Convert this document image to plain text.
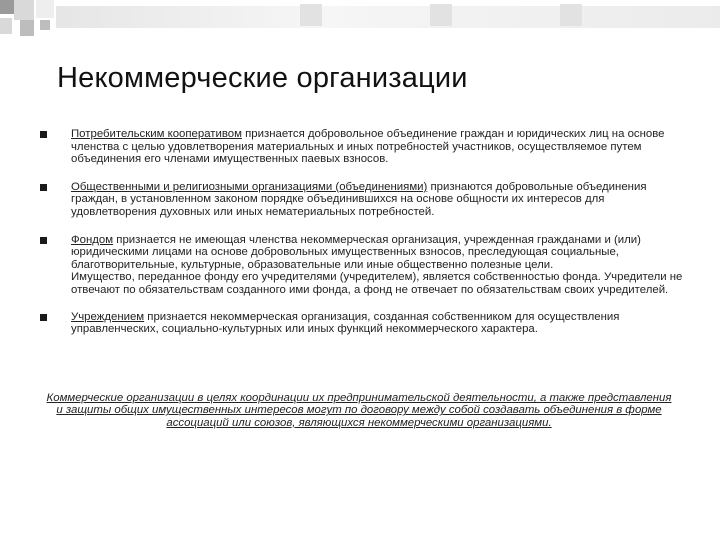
Некоммерческие организации
Потребительским кооперативом признается добровольное объединение граждан и юридических лиц на основе членства с целью удовлетворения материальных и иных потребностей участников, осуществляемое путем объединения его членами имущественных паевых взносов.
Общественными и религиозными организациями (объединениями) признаются добровольные объединения граждан, в установленном законом порядке объединившихся на основе общности их интересов для удовлетворения духовных или иных нематериальных потребностей.
Фондом признается не имеющая членства некоммерческая организация, учрежденная гражданами и (или) юридическими лицами на основе добровольных имущественных взносов, преследующая социальные, благотворительные, культурные, образовательные или иные общественно полезные цели.
Имущество, переданное фонду его учредителями (учредителем), является собственностью фонда. Учредители не отвечают по обязательствам созданного ими фонда, а фонд не отвечает по обязательствам своих учредителей.
Учреждением признается некоммерческая организация, созданная собственником для осуществления управленческих, социально-культурных или иных функций некоммерческого характера.
Коммерческие организации в целях координации их предпринимательской деятельности, а также представления и защиты общих имущественных интересов могут по договору между собой создавать объединения в форме ассоциаций или союзов, являющихся некоммерческими организациями.
